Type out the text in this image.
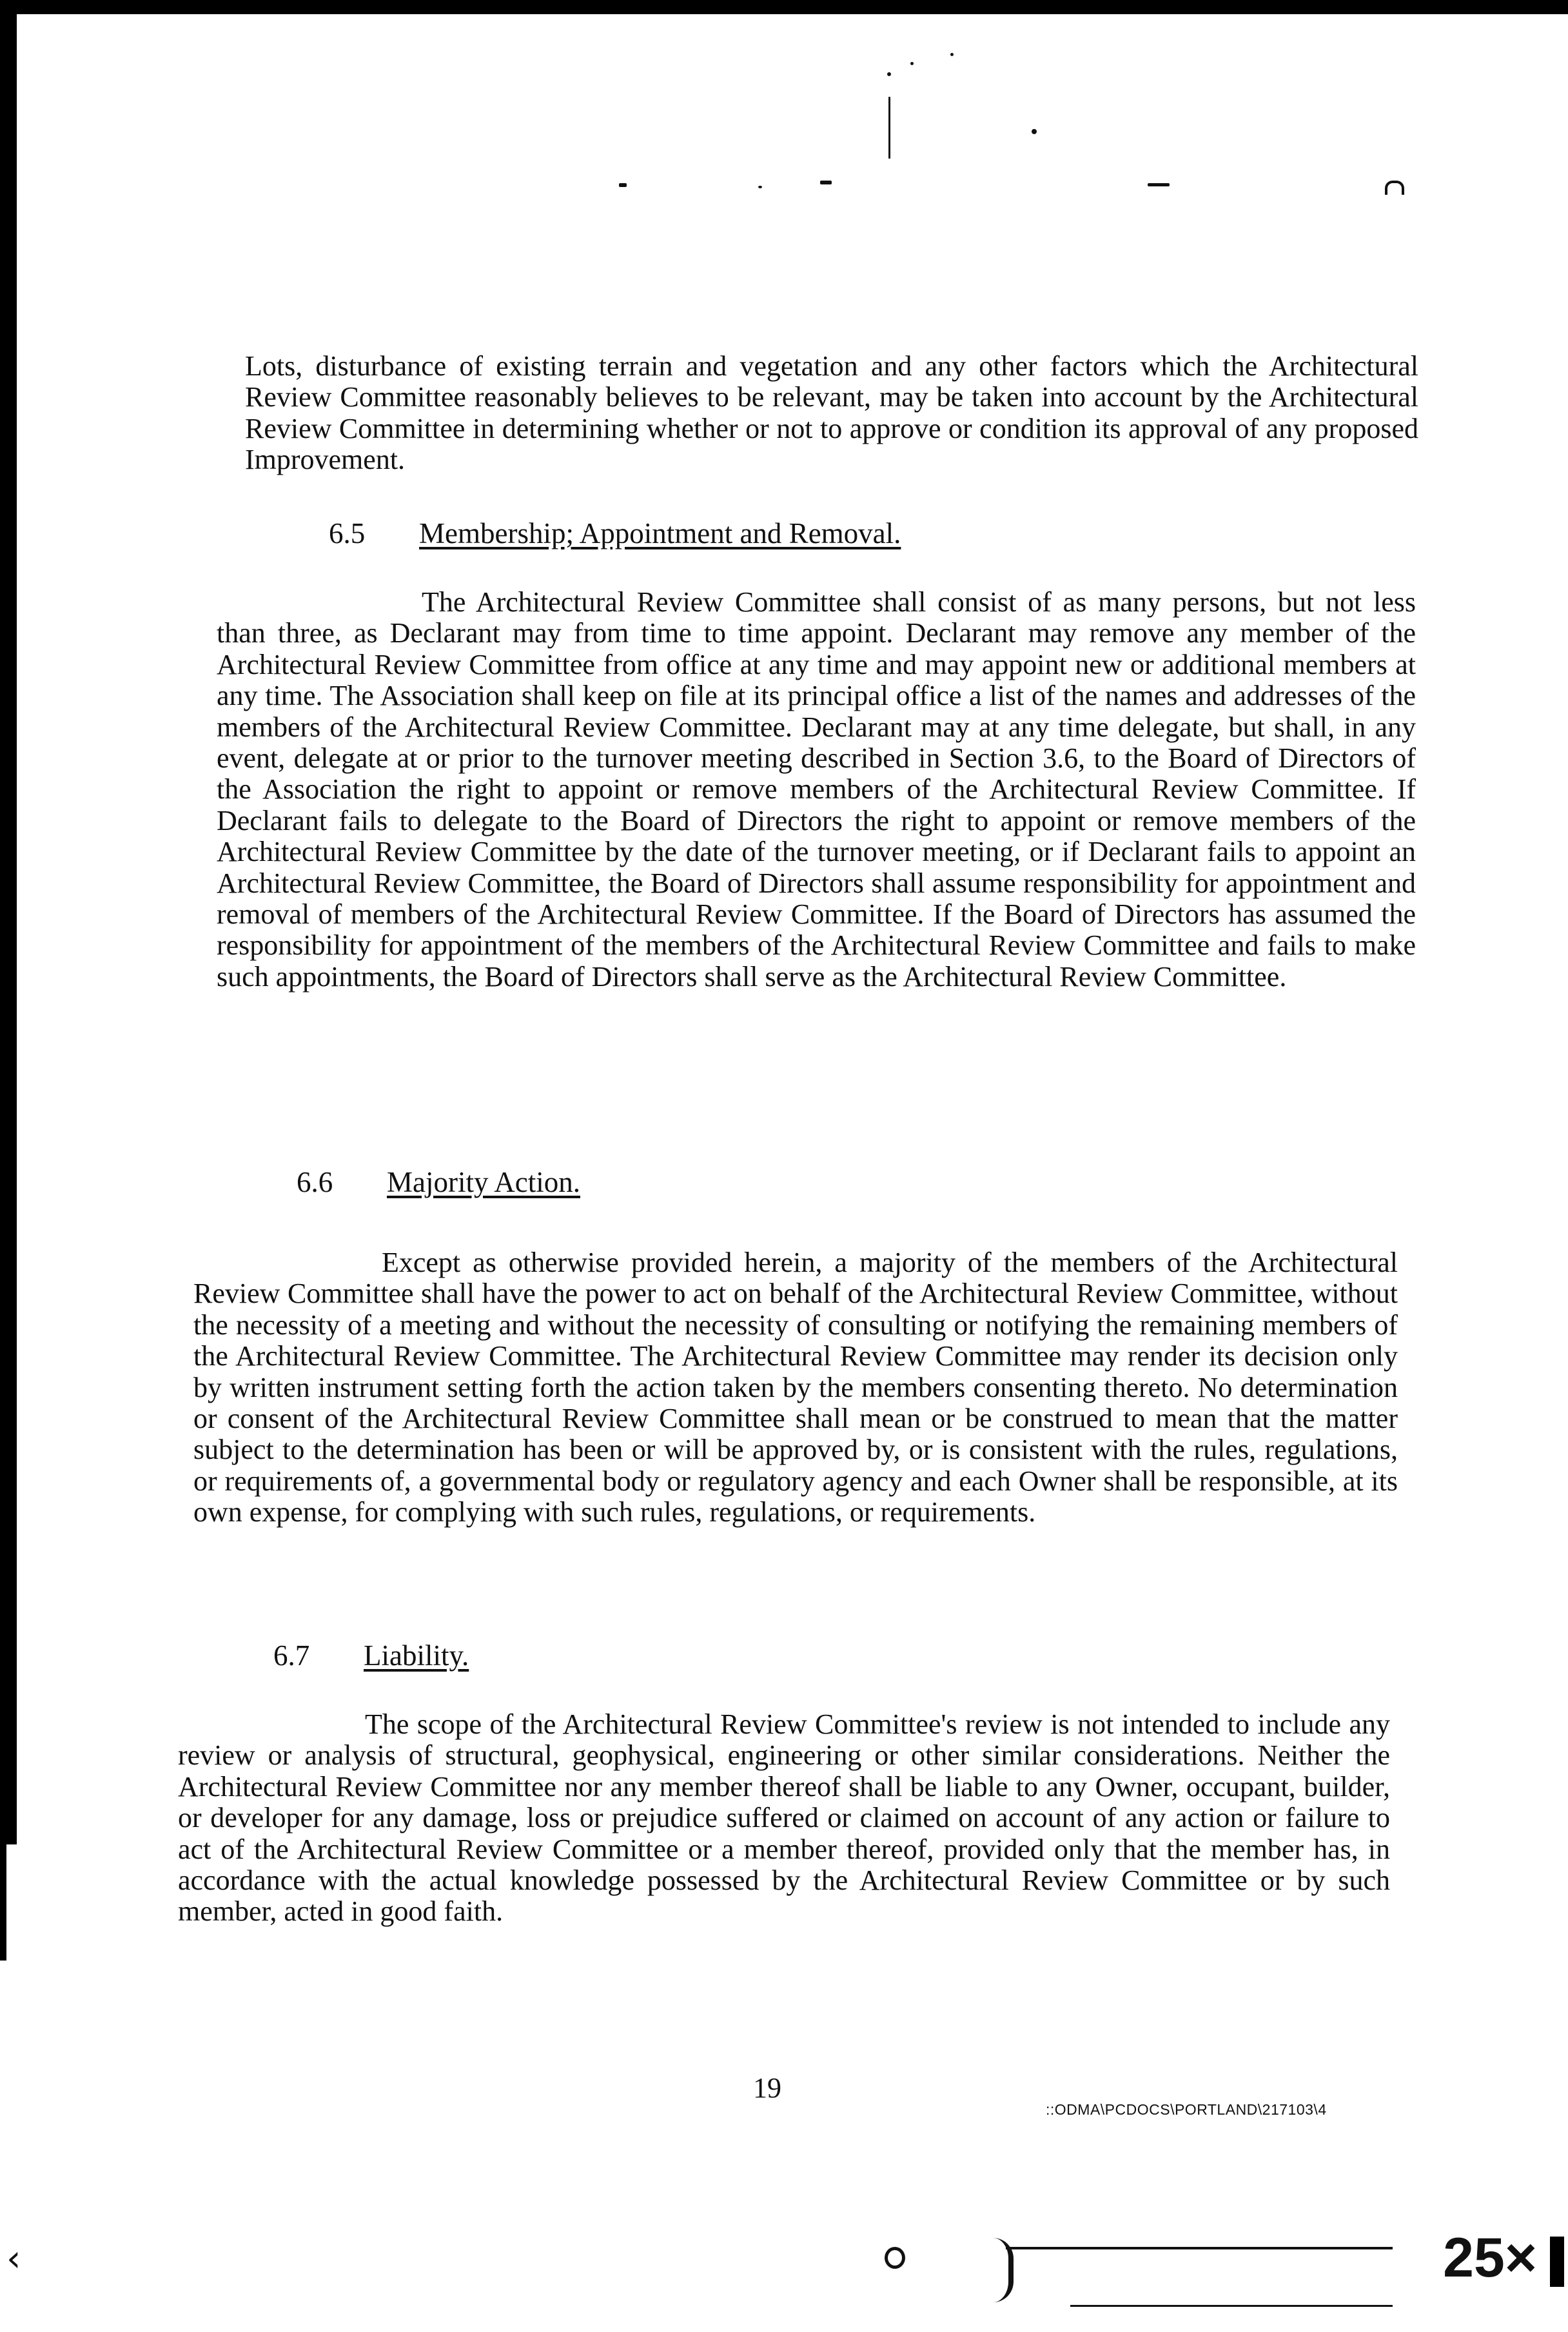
Lots, disturbance of existing terrain and vegetation and any other factors which the Architectural Review Committee reasonably believes to be relevant, may be taken into account by the Architectural Review Committee in determining whether or not to approve or condition its approval of any proposed Improvement.

6.5 Membership; Appointment and Removal.

The Architectural Review Committee shall consist of as many persons, but not less than three, as Declarant may from time to time appoint. Declarant may remove any member of the Architectural Review Committee from office at any time and may appoint new or additional members at any time. The Association shall keep on file at its principal office a list of the names and addresses of the members of the Architectural Review Committee. Declarant may at any time delegate, but shall, in any event, delegate at or prior to the turnover meeting described in Section 3.6, to the Board of Directors of the Association the right to appoint or remove members of the Architectural Review Committee. If Declarant fails to delegate to the Board of Directors the right to appoint or remove members of the Architectural Review Committee by the date of the turnover meeting, or if Declarant fails to appoint an Architectural Review Committee, the Board of Directors shall assume responsibility for appointment and removal of members of the Architectural Review Committee. If the Board of Directors has assumed the responsibility for appointment of the members of the Architectural Review Committee and fails to make such appointments, the Board of Directors shall serve as the Architectural Review Committee.

6.6 Majority Action.

Except as otherwise provided herein, a majority of the members of the Architectural Review Committee shall have the power to act on behalf of the Architectural Review Committee, without the necessity of a meeting and without the necessity of consulting or notifying the remaining members of the Architectural Review Committee. The Architectural Review Committee may render its decision only by written instrument setting forth the action taken by the members consenting thereto. No determination or consent of the Architectural Review Committee shall mean or be construed to mean that the matter subject to the determination has been or will be approved by, or is consistent with the rules, regulations, or requirements of, a governmental body or regulatory agency and each Owner shall be responsible, at its own expense, for complying with such rules, regulations, or requirements.

6.7 Liability.

The scope of the Architectural Review Committee's review is not intended to include any review or analysis of structural, geophysical, engineering or other similar considerations. Neither the Architectural Review Committee nor any member thereof shall be liable to any Owner, occupant, builder, or developer for any damage, loss or prejudice suffered or claimed on account of any action or failure to act of the Architectural Review Committee or a member thereof, provided only that the member has, in accordance with the actual knowledge possessed by the Architectural Review Committee or by such member, acted in good faith.

19

::ODMA\PCDOCS\PORTLAND\217103\4

‹	25×
